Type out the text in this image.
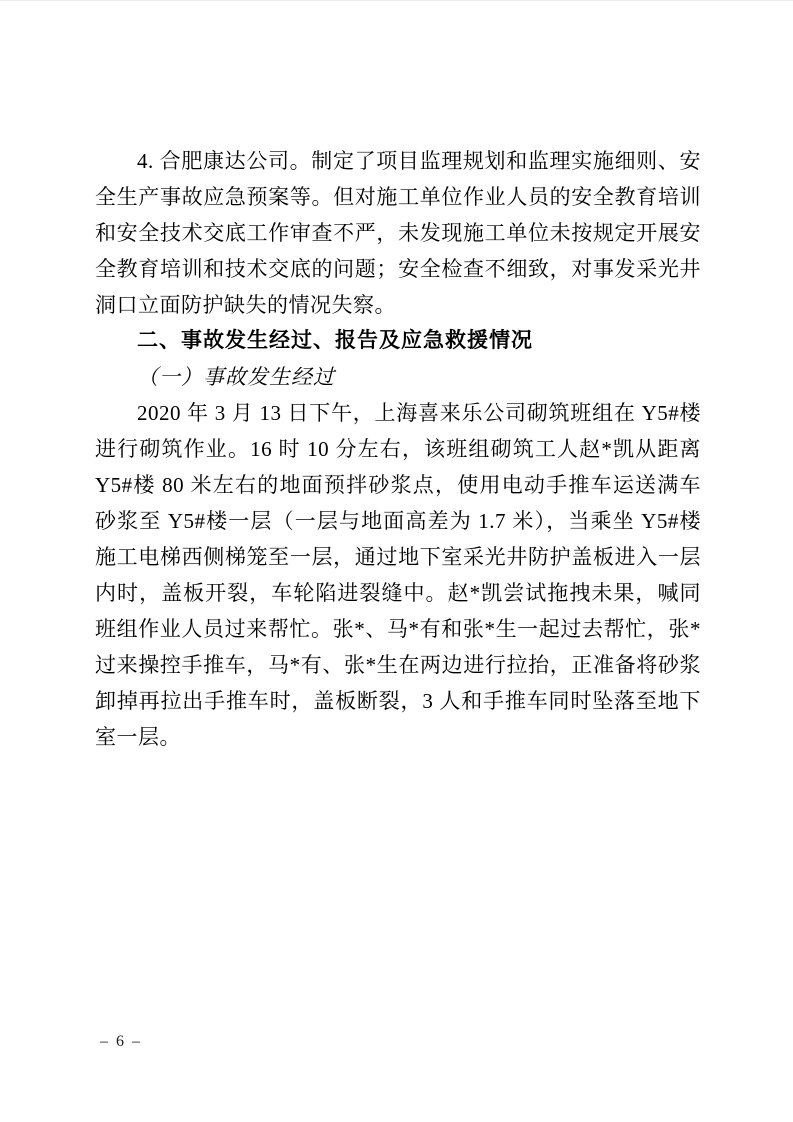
4. 合肥康达公司。制定了项目监理规划和监理实施细则、安全生产事故应急预案等。但对施工单位作业人员的安全教育培训和安全技术交底工作审查不严，未发现施工单位未按规定开展安全教育培训和技术交底的问题；安全检查不细致，对事发采光井洞口立面防护缺失的情况失察。

二、事故发生经过、报告及应急救援情况
（一）事故发生经过

2020 年 3 月 13 日下午，上海喜来乐公司砌筑班组在 Y5#楼进行砌筑作业。16 时 10 分左右，该班组砌筑工人赵*凯从距离 Y5#楼 80 米左右的地面预拌砂浆点，使用电动手推车运送满车砂浆至 Y5#楼一层（一层与地面高差为 1.7 米），当乘坐 Y5#楼施工电梯西侧梯笼至一层，通过地下室采光井防护盖板进入一层内时，盖板开裂，车轮陷进裂缝中。赵*凯尝试拖拽未果，喊同班组作业人员过来帮忙。张*、马*有和张*生一起过去帮忙，张*过来操控手推车，马*有、张*生在两边进行拉抬，正准备将砂浆卸掉再拉出手推车时，盖板断裂，3 人和手推车同时坠落至地下室一层。

– 6 –
